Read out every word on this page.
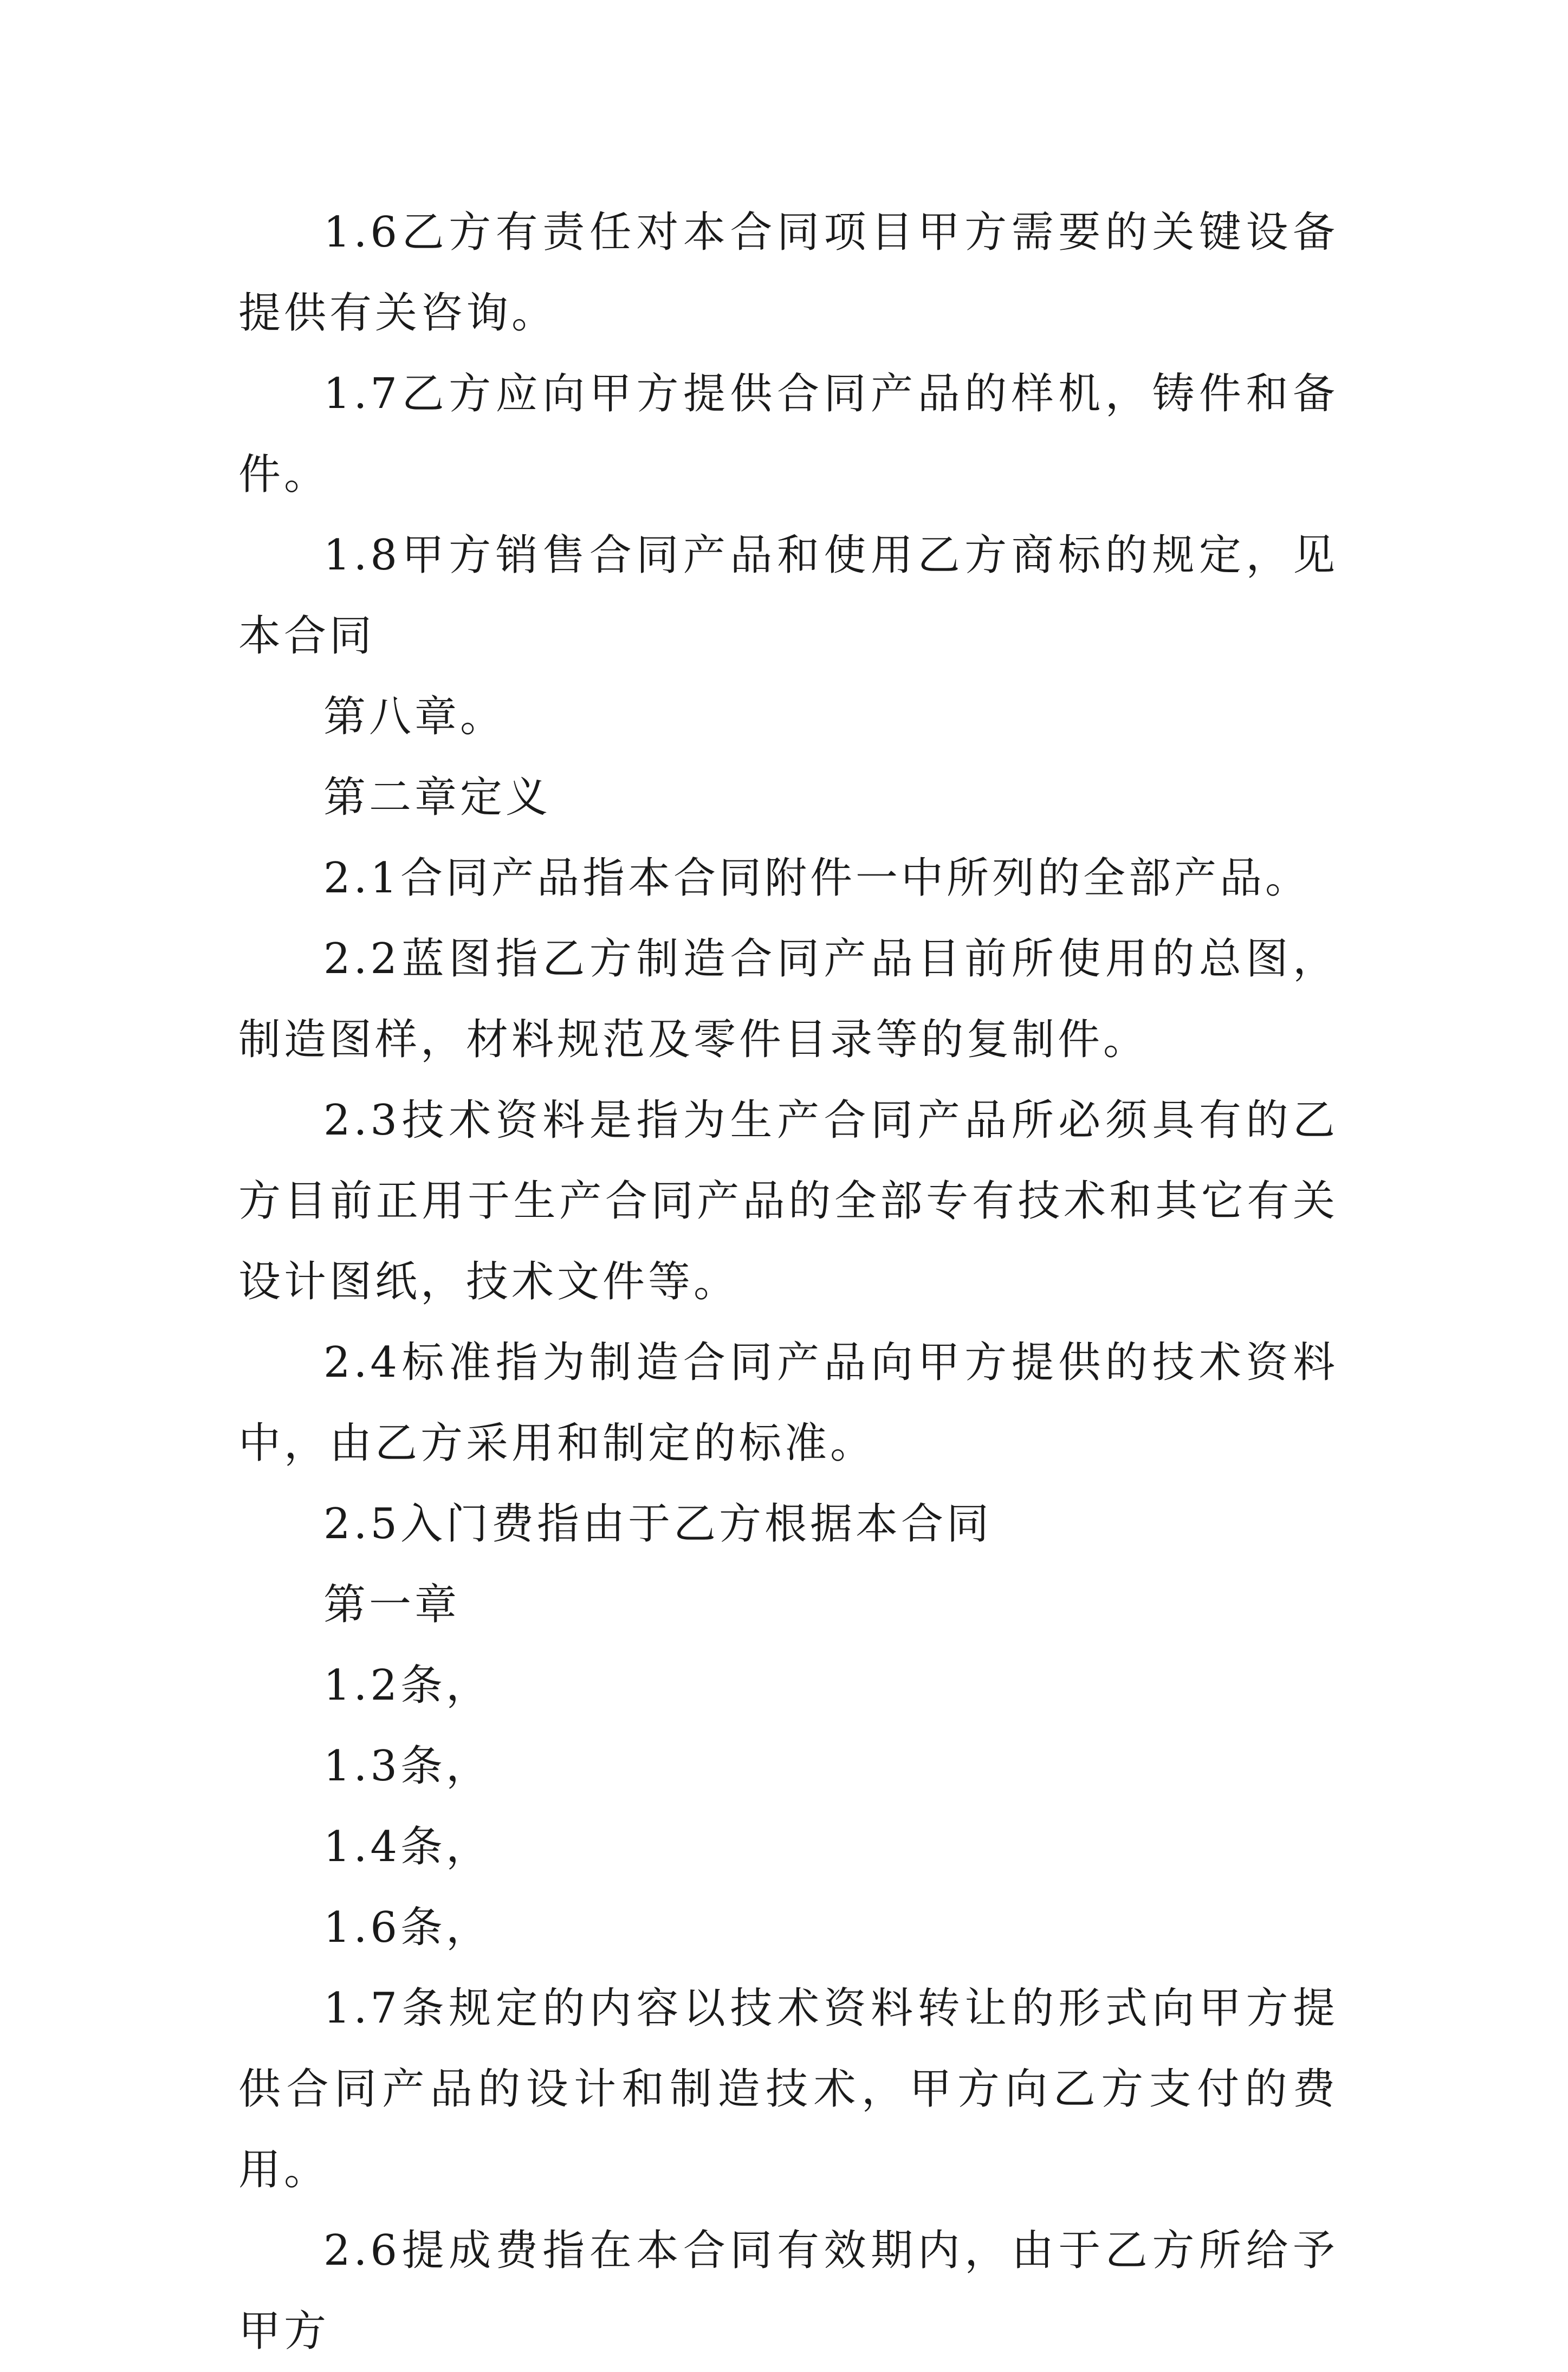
1.6乙方有责任对本合同项目甲方需要的关键设备提供有关咨询。

1.7乙方应向甲方提供合同产品的样机，铸件和备件。

1.8甲方销售合同产品和使用乙方商标的规定，见本合同

第八章。

第二章定义

2.1合同产品指本合同附件一中所列的全部产品。

2.2蓝图指乙方制造合同产品目前所使用的总图，制造图样，材料规范及零件目录等的复制件。

2.3技术资料是指为生产合同产品所必须具有的乙方目前正用于生产合同产品的全部专有技术和其它有关设计图纸，技术文件等。

2.4标准指为制造合同产品向甲方提供的技术资料中，由乙方采用和制定的标准。

2.5入门费指由于乙方根据本合同

第一章

1.2条，

1.3条，

1.4条，

1.6条，

1.7条规定的内容以技术资料转让的形式向甲方提供合同产品的设计和制造技术，甲方向乙方支付的费用。

2.6提成费指在本合同有效期内，由于乙方所给予甲方
